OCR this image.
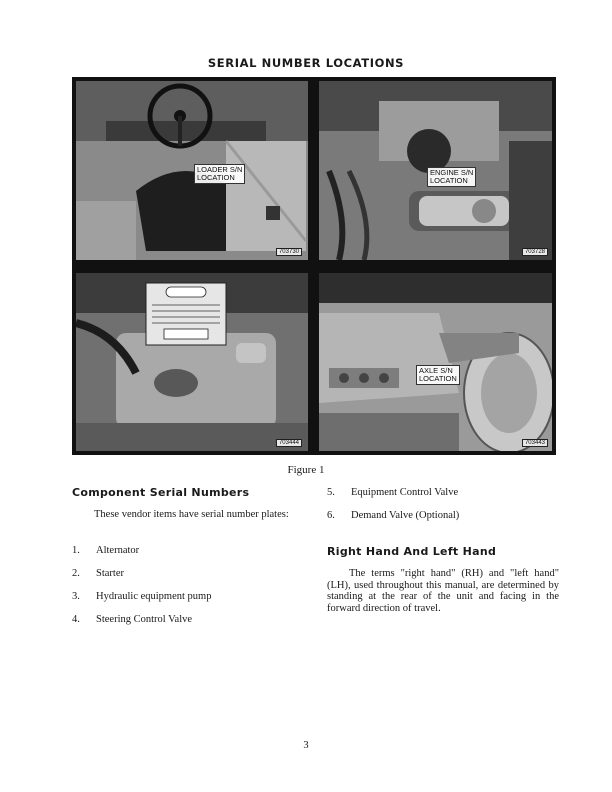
SERIAL NUMBER LOCATIONS
LOADER S/N
LOCATION
703730
ENGINE S/N
LOCATION
703728
703444
AXLE S/N
LOCATION
703443
Figure 1
Component Serial Numbers
These vendor items have serial number plates:
1. Alternator
2. Starter
3. Hydraulic equipment pump
4. Steering Control Valve
5. Equipment Control Valve
6. Demand Valve (Optional)
Right Hand And Left Hand
The terms "right hand" (RH) and "left hand" (LH), used throughout this manual, are determined by standing at the rear of the unit and facing in the forward direction of travel.
3
